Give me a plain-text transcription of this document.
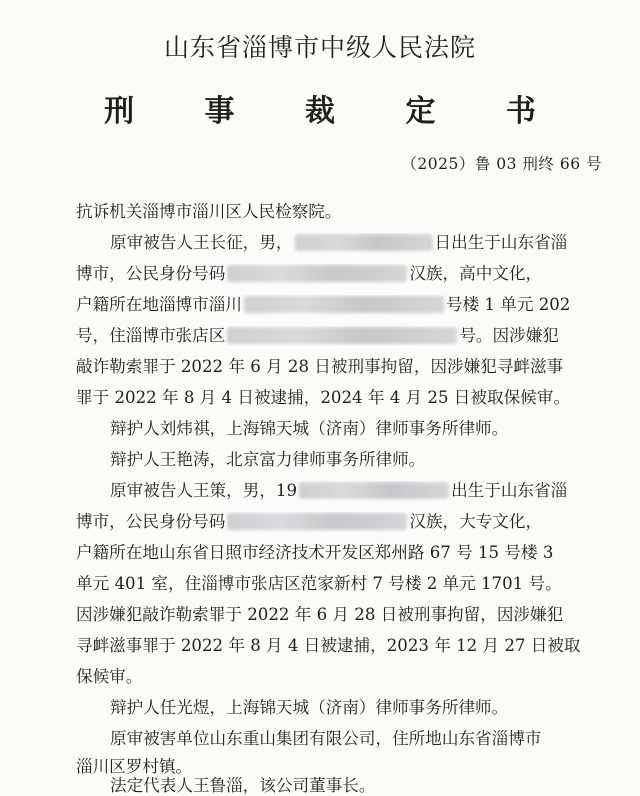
山东省淄博市中级人民法院
刑 事 裁 定 书
（2025）鲁 03 刑终 66 号
抗诉机关淄博市淄川区人民检察院。
原审被告人王长征，男，	日出生于山东省淄
博市，公民身份号码	汉族，高中文化，
户籍所在地淄博市淄川	号楼 1 单元 202
号，住淄博市张店区	号。因涉嫌犯
敲诈勒索罪于 2022 年 6 月 28 日被刑事拘留，因涉嫌犯寻衅滋事
罪于 2022 年 8 月 4 日被逮捕，2024 年 4 月 25 日被取保候审。
辩护人刘炜祺，上海锦天城（济南）律师事务所律师。
辩护人王艳涛，北京富力律师事务所律师。
原审被告人王策，男，19	出生于山东省淄
博市，公民身份号码	汉族，大专文化，
户籍所在地山东省日照市经济技术开发区郑州路 67 号 15 号楼 3
单元 401 室，住淄博市张店区范家新村 7 号楼 2 单元 1701 号。
因涉嫌犯敲诈勒索罪于 2022 年 6 月 28 日被刑事拘留，因涉嫌犯
寻衅滋事罪于 2022 年 8 月 4 日被逮捕，2023 年 12 月 27 日被取
保候审。
辩护人任光煜，上海锦天城（济南）律师事务所律师。
原审被害单位山东重山集团有限公司，住所地山东省淄博市
淄川区罗村镇。
法定代表人王鲁淄，该公司董事长。
